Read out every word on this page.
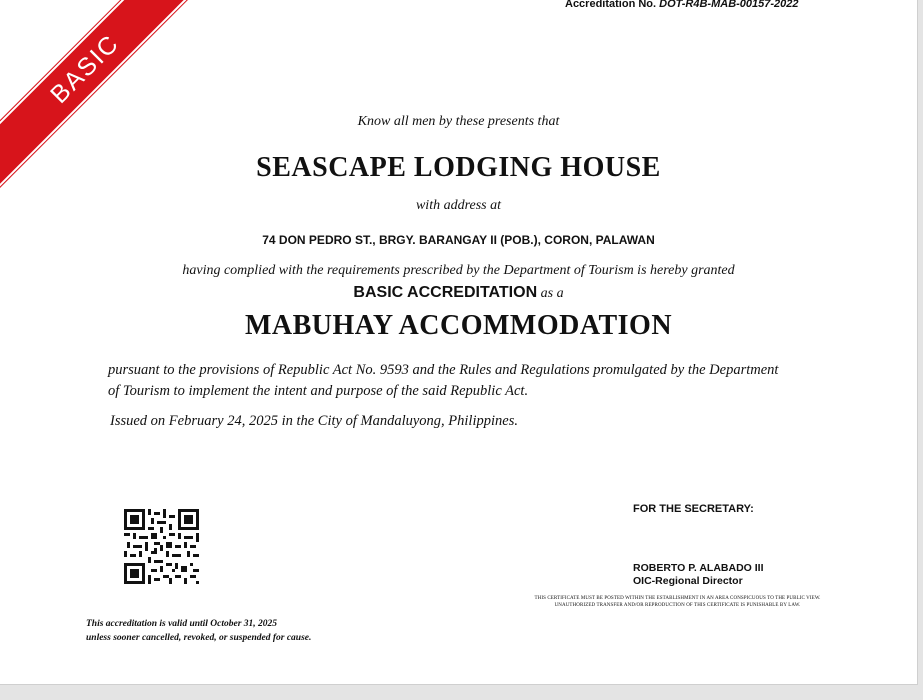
BASIC
Accreditation No. DOT-R4B-MAB-00157-2022
Know all men by these presents that
SEASCAPE LODGING HOUSE
with address at
74 DON PEDRO ST., BRGY. BARANGAY II (POB.), CORON, PALAWAN
having complied with the requirements prescribed by the Department of Tourism is hereby granted
BASIC ACCREDITATION as a
MABUHAY ACCOMMODATION
pursuant to the provisions of Republic Act No. 9593 and the Rules and Regulations promulgated by the Department
of Tourism to implement the intent and purpose of the said Republic Act.
Issued on February 24, 2025 in the City of Mandaluyong, Philippines.
FOR THE SECRETARY:
ROBERTO P. ALABADO III
OIC-Regional Director
THIS CERTIFICATE MUST BE POSTED WITHIN THE ESTABLISHMENT IN AN AREA CONSPICUOUS TO THE PUBLIC VIEW.
UNAUTHORIZED TRANSFER AND/OR REPRODUCTION OF THIS CERTIFICATE IS PUNISHABLE BY LAW.
This accreditation is valid until October 31, 2025
unless sooner cancelled, revoked, or suspended for cause.
